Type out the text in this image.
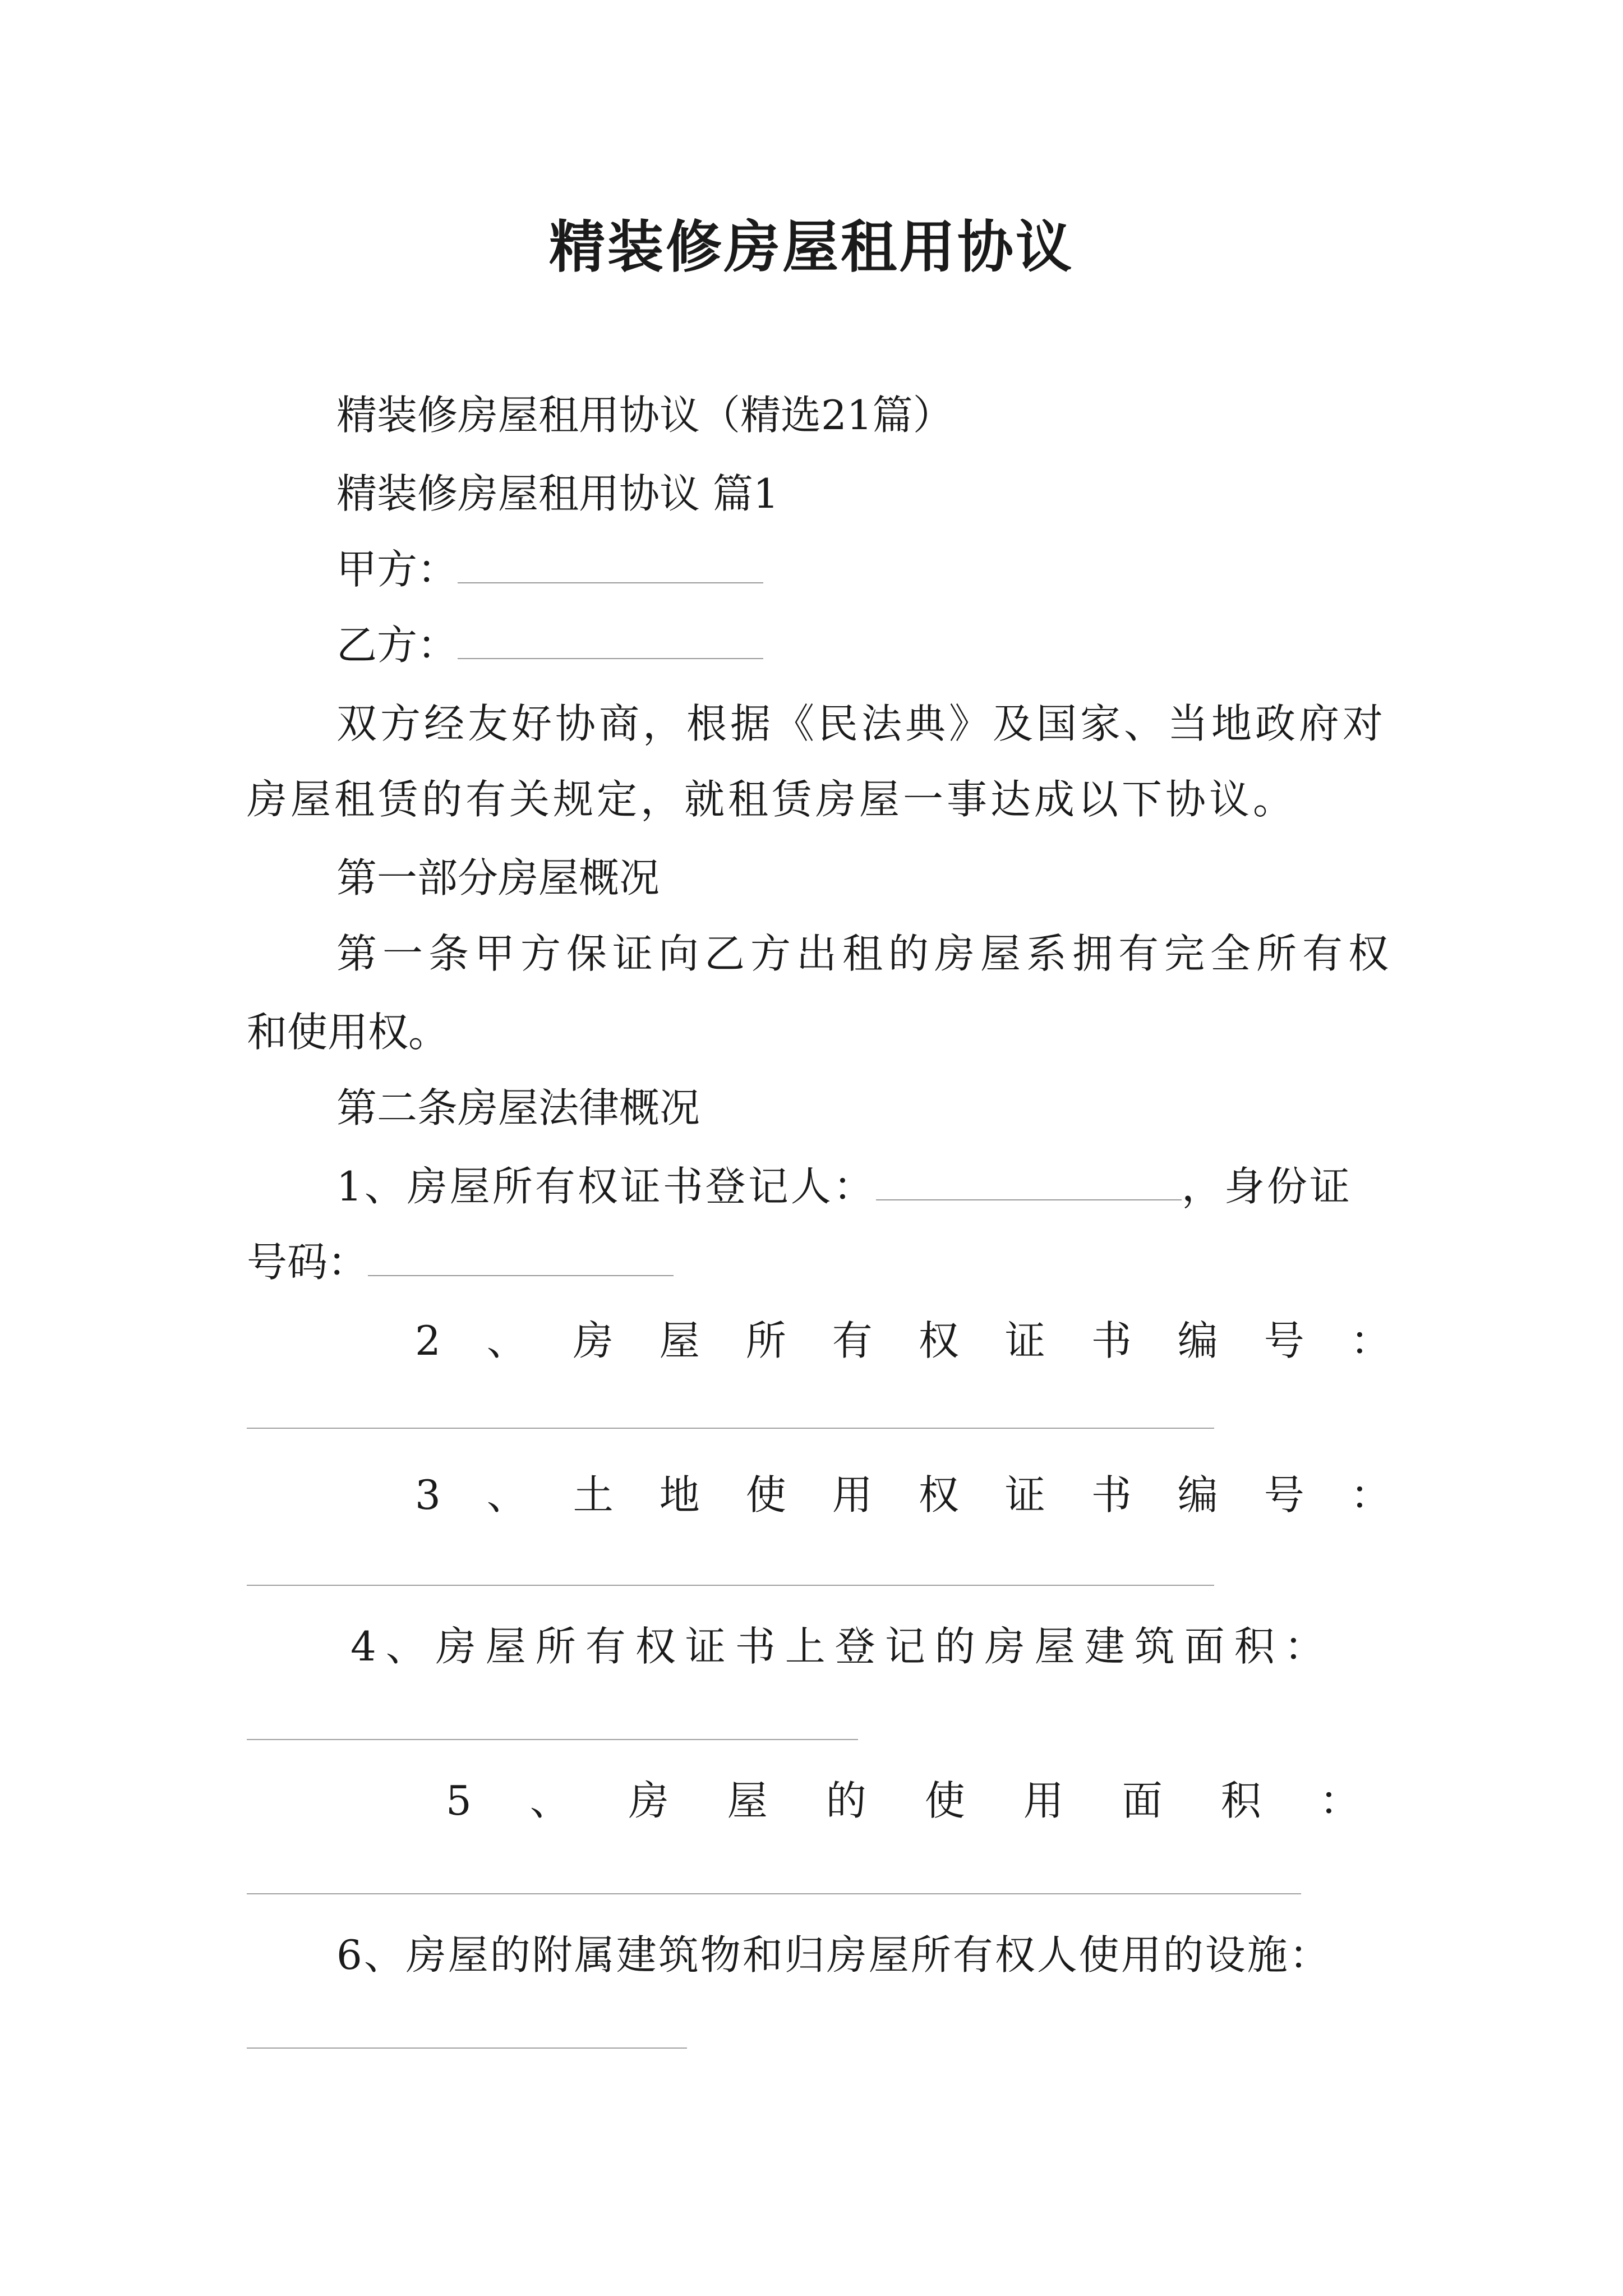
精装修房屋租用协议
精装修房屋租用协议（精选21篇）
精装修房屋租用协议 篇1
甲方：
乙方：
双方经友好协商，根据《民法典》及国家、当地政府对
房屋租赁的有关规定，就租赁房屋一事达成以下协议。
第一部分房屋概况
第一条甲方保证向乙方出租的房屋系拥有完全所有权
和使用权。
第二条房屋法律概况
1、房屋所有权证书登记人：	，身份证
号码：
2、房屋所有权证书编号：
3、土地使用权证书编号：
4、房屋所有权证书上登记的房屋建筑面积：
5、房屋的使用面积：
6、房屋的附属建筑物和归房屋所有权人使用的设施：
